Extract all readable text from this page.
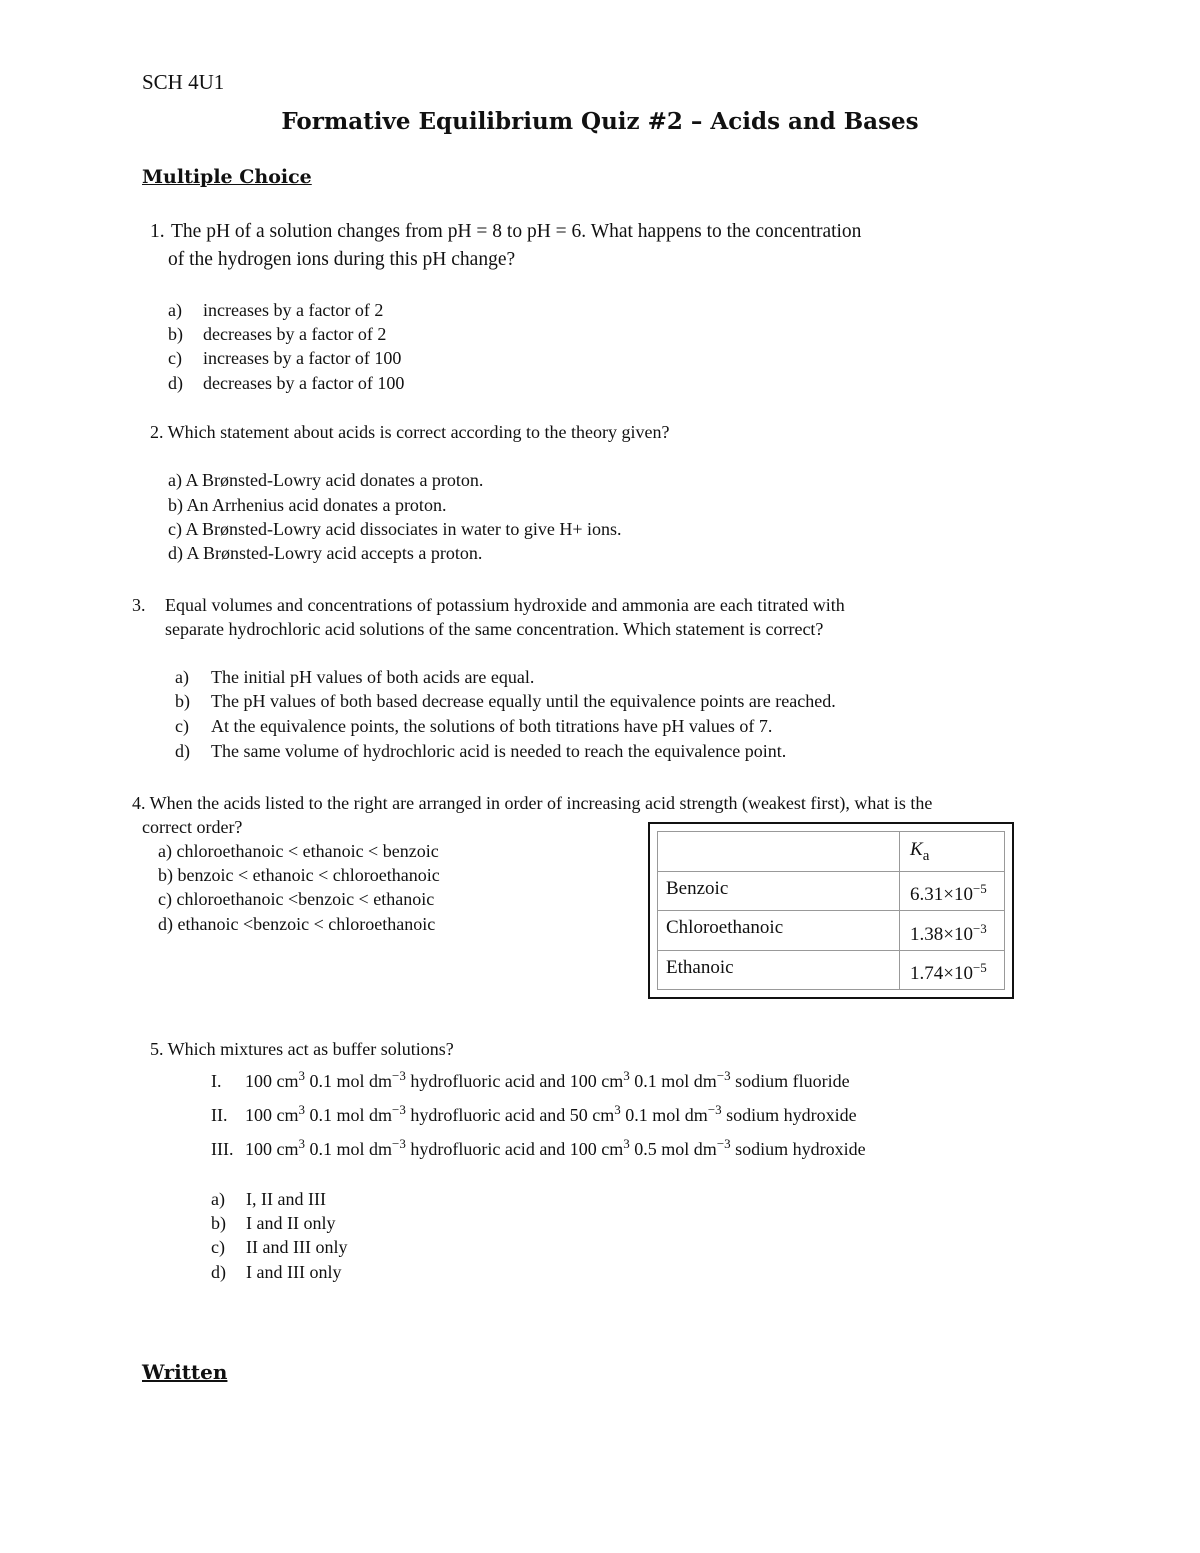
SCH 4U1
Formative Equilibrium Quiz #2 – Acids and Bases
Multiple Choice
1. The pH of a solution changes from pH = 8 to pH = 6. What happens to the concentration
of the hydrogen ions during this pH change?
a) increases by a factor of 2
b) decreases by a factor of 2
c) increases by a factor of 100
d) decreases by a factor of 100
2. Which statement about acids is correct according to the theory given?
a) A Brønsted-Lowry acid donates a proton.
b) An Arrhenius acid donates a proton.
c) A Brønsted-Lowry acid dissociates in water to give H+ ions.
d) A Brønsted-Lowry acid accepts a proton.
3. Equal volumes and concentrations of potassium hydroxide and ammonia are each titrated with
separate hydrochloric acid solutions of the same concentration. Which statement is correct?
a) The initial pH values of both acids are equal.
b) The pH values of both based decrease equally until the equivalence points are reached.
c) At the equivalence points, the solutions of both titrations have pH values of 7.
d) The same volume of hydrochloric acid is needed to reach the equivalence point.
4. When the acids listed to the right are arranged in order of increasing acid strength (weakest first), what is the
correct order?
a) chloroethanoic < ethanoic < benzoic
b) benzoic < ethanoic < chloroethanoic
c) chloroethanoic <benzoic < ethanoic
d) ethanoic <benzoic < chloroethanoic
	$K_a$
Benzoic	$6.31\times 10^{-5}$
Chloroethanoic	$1.38\times 10^{-3}$
Ethanoic	$1.74\times 10^{-5}$
5. Which mixtures act as buffer solutions?
I. 100 $cm^3$ 0.1 mol $dm^{-3}$ hydrofluoric acid and 100 $cm^3$ 0.1 mol $dm^{-3}$ sodium fluoride
II. 100 $cm^3$ 0.1 mol $dm^{-3}$ hydrofluoric acid and 50 $cm^3$ 0.1 mol $dm^{-3}$ sodium hydroxide
III. 100 $cm^3$ 0.1 mol $dm^{-3}$ hydrofluoric acid and 100 $cm^3$ 0.5 mol $dm^{-3}$ sodium hydroxide
a) I, II and III
b) I and II only
c) II and III only
d) I and III only
Written
